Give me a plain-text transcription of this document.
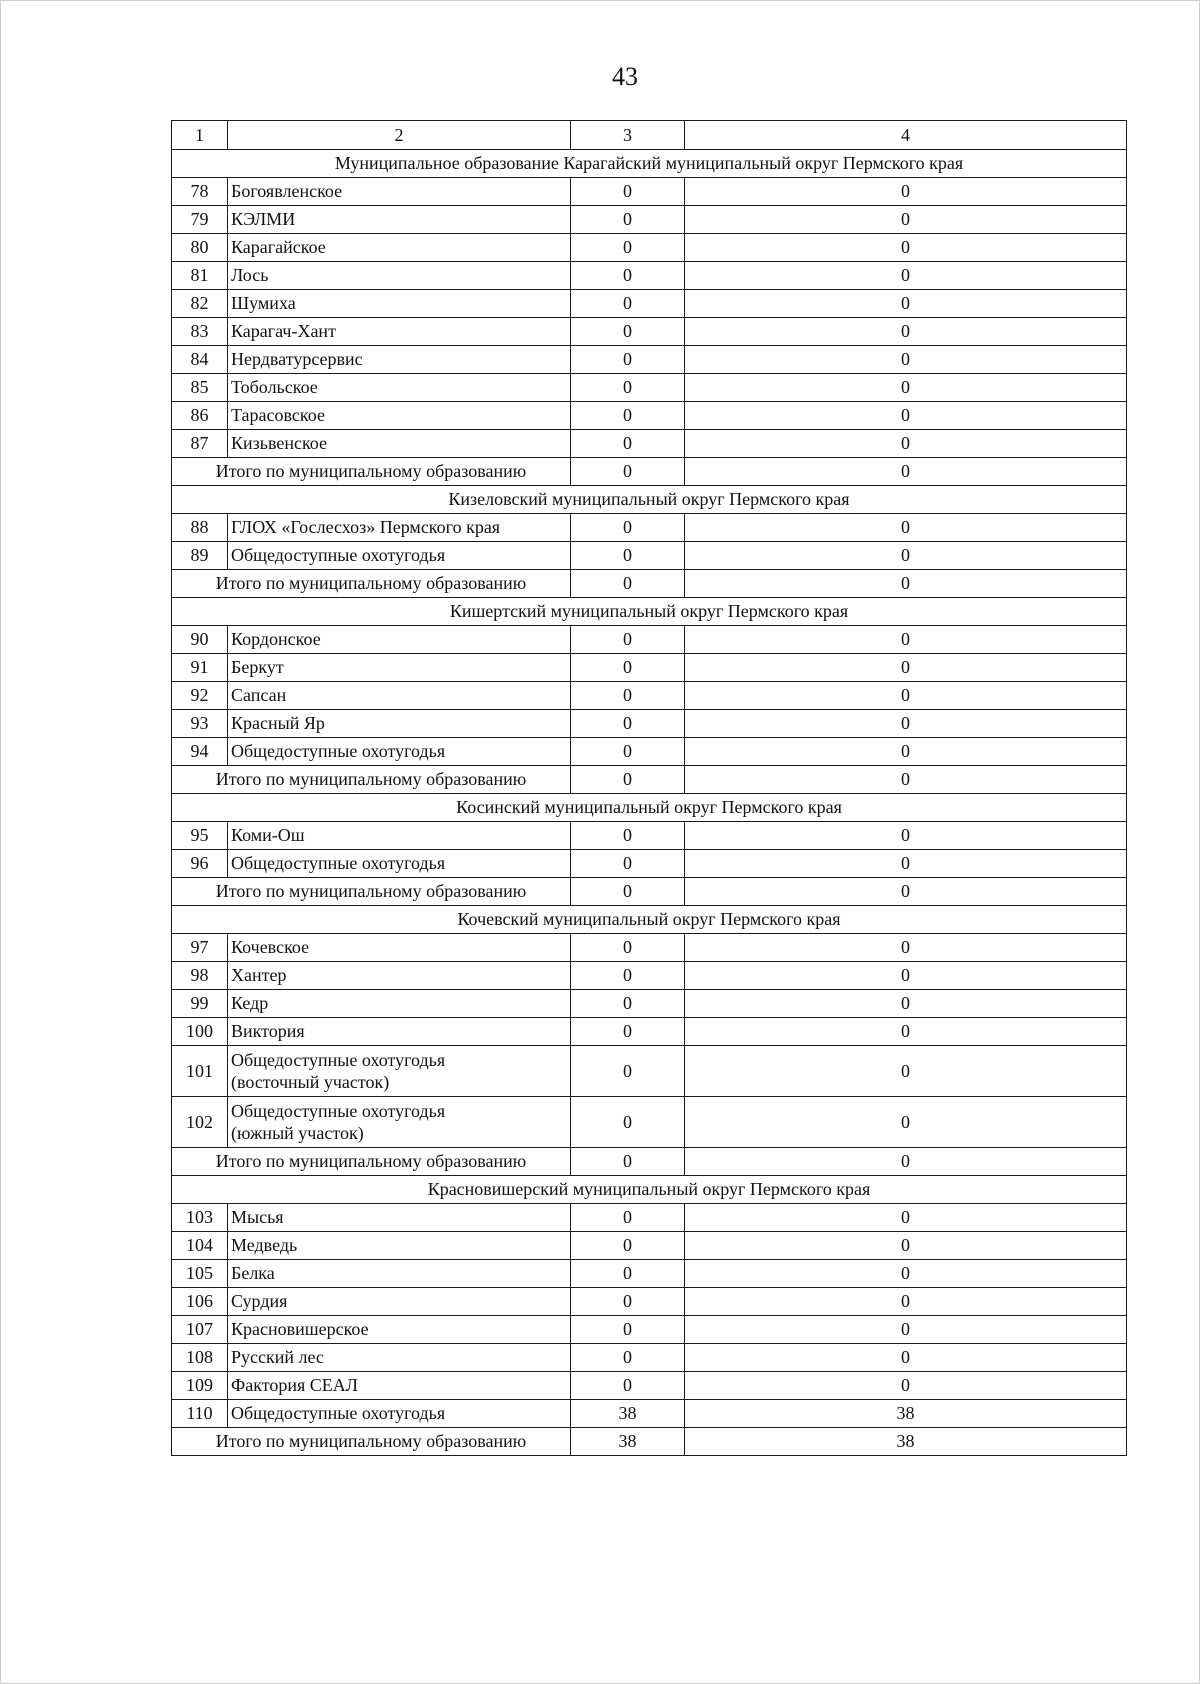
43
1	2	3	4
Муниципальное образование Карагайский муниципальный округ Пермского края			
78	Богоявленское	0	0
79	КЭЛМИ	0	0
80	Карагайское	0	0
81	Лось	0	0
82	Шумиха	0	0
83	Карагач-Хант	0	0
84	Нердватурсервис	0	0
85	Тобольское	0	0
86	Тарасовское	0	0
87	Кизьвенское	0	0
Итого по муниципальному образованию		0	0
Кизеловский муниципальный округ Пермского края			
88	ГЛОХ «Гослесхоз» Пермского края	0	0
89	Общедоступные охотугодья	0	0
Итого по муниципальному образованию		0	0
Кишертский муниципальный округ Пермского края			
90	Кордонское	0	0
91	Беркут	0	0
92	Сапсан	0	0
93	Красный Яр	0	0
94	Общедоступные охотугодья	0	0
Итого по муниципальному образованию		0	0
Косинский муниципальный округ Пермского края			
95	Коми-Ош	0	0
96	Общедоступные охотугодья	0	0
Итого по муниципальному образованию		0	0
Кочевский муниципальный округ Пермского края			
97	Кочевское	0	0
98	Хантер	0	0
99	Кедр	0	0
100	Виктория	0	0
101	Общедоступные охотугодья
(восточный участок)	0	0
102	Общедоступные охотугодья
(южный участок)	0	0
Итого по муниципальному образованию		0	0
Красновишерский муниципальный округ Пермского края			
103	Мысья	0	0
104	Медведь	0	0
105	Белка	0	0
106	Сурдия	0	0
107	Красновишерское	0	0
108	Русский лес	0	0
109	Фактория СЕАЛ	0	0
110	Общедоступные охотугодья	38	38
Итого по муниципальному образованию		38	38
